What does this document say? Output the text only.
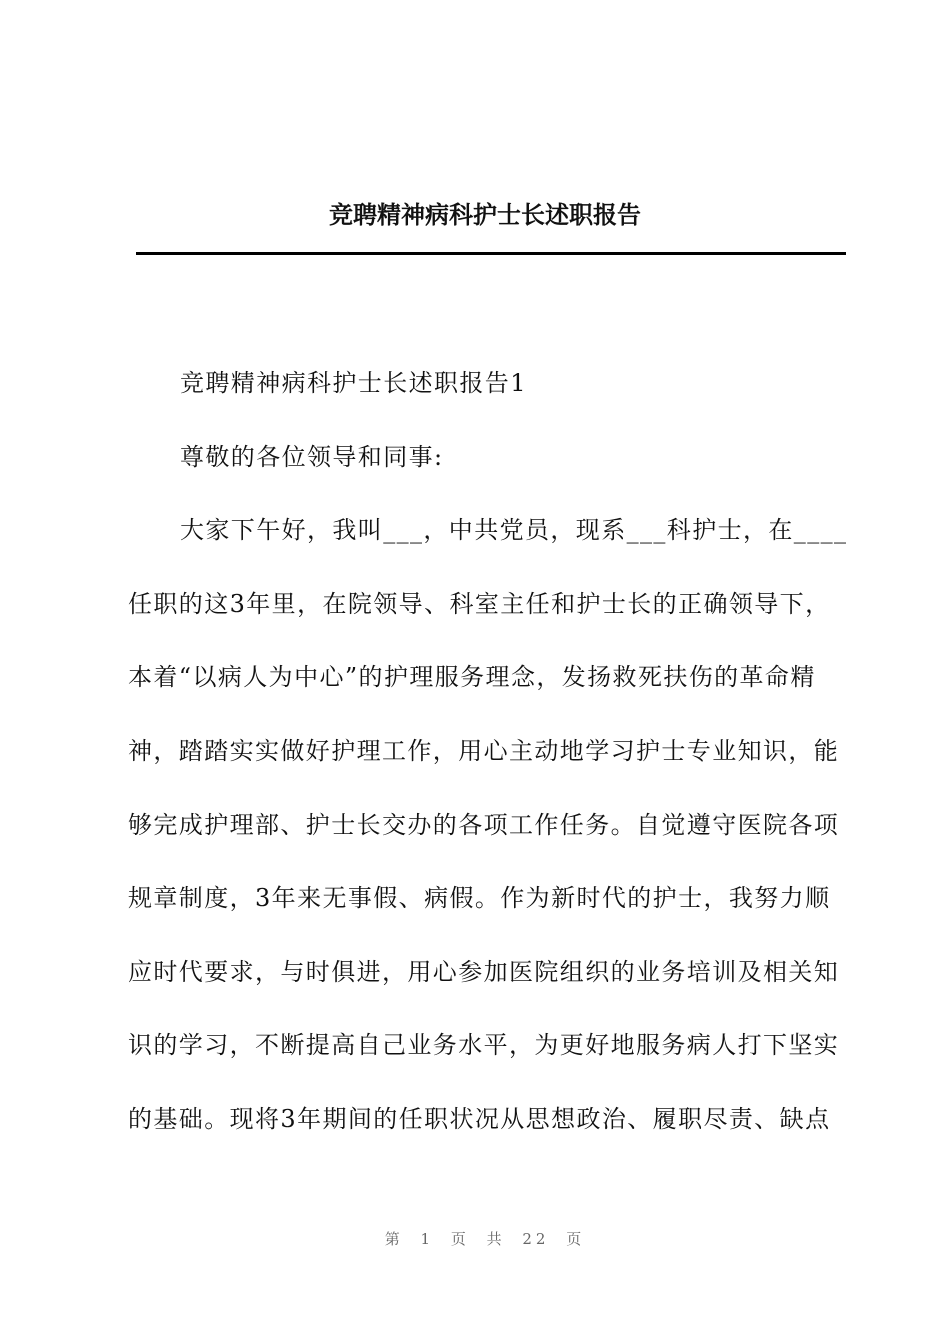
竞聘精神病科护士长述职报告
竞聘精神病科护士长述职报告1
尊敬的各位领导和同事:
大家下午好，我叫___，中共党员，现系___科护士，在____
任职的这3年里，在院领导、科室主任和护士长的正确领导下，
本着“以病人为中心”的护理服务理念，发扬救死扶伤的革命精
神，踏踏实实做好护理工作，用心主动地学习护士专业知识，能
够完成护理部、护士长交办的各项工作任务。自觉遵守医院各项
规章制度，3年来无事假、病假。作为新时代的护士，我努力顺
应时代要求，与时俱进，用心参加医院组织的业务培训及相关知
识的学习，不断提高自己业务水平，为更好地服务病人打下坚实
的基础。现将3年期间的任职状况从思想政治、履职尽责、缺点
第 1 页 共 22 页
